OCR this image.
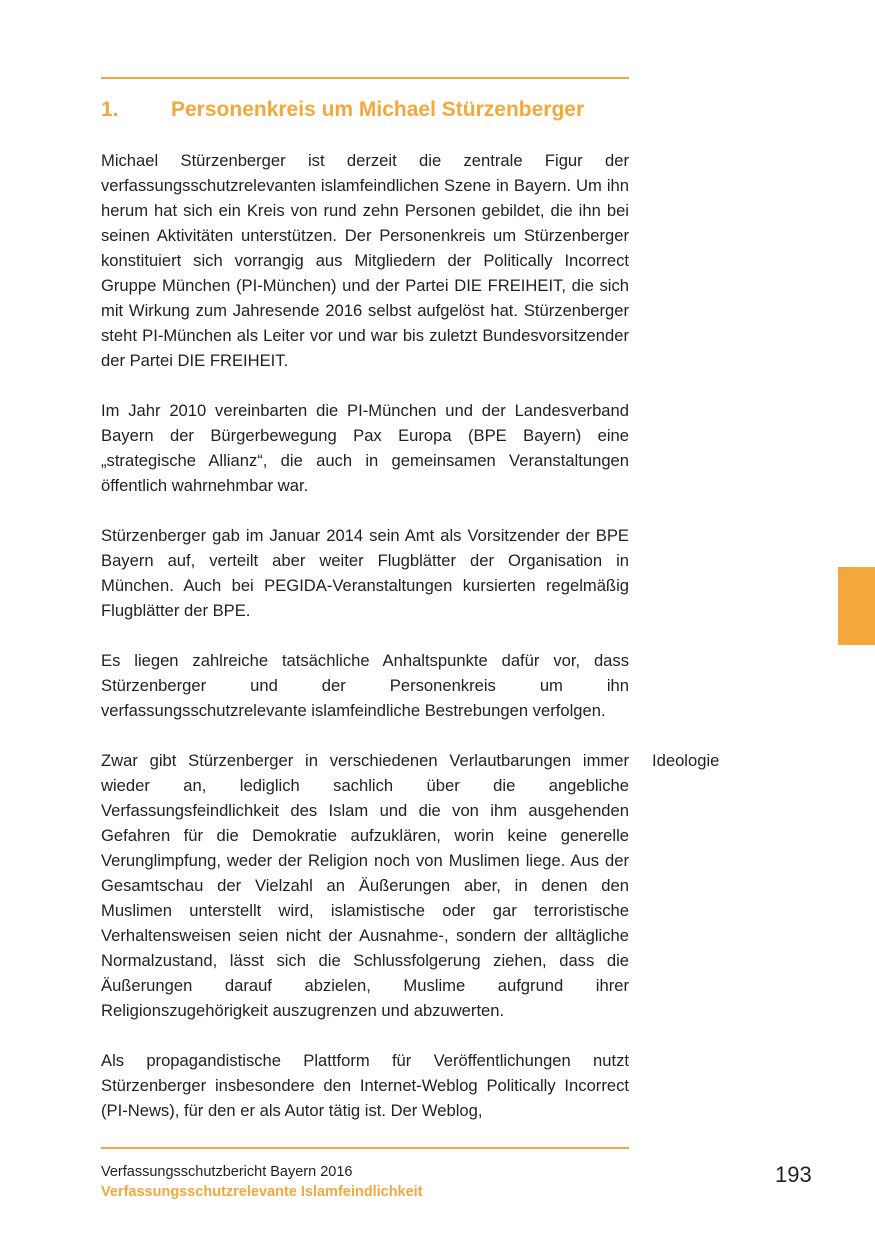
1. Personenkreis um Michael Stürzenberger

Michael Stürzenberger ist derzeit die zentrale Figur der verfassungsschutzrelevanten islamfeindlichen Szene in Bayern. Um ihn herum hat sich ein Kreis von rund zehn Personen gebildet, die ihn bei seinen Aktivitäten unterstützen. Der Personenkreis um Stürzenberger konstituiert sich vorrangig aus Mitgliedern der Politically Incorrect Gruppe München (PI-München) und der Partei DIE FREIHEIT, die sich mit Wirkung zum Jahresende 2016 selbst aufgelöst hat. Stürzenberger steht PI-München als Leiter vor und war bis zuletzt Bundesvorsitzender der Partei DIE FREIHEIT.

Im Jahr 2010 vereinbarten die PI-München und der Landesverband Bayern der Bürgerbewegung Pax Europa (BPE Bayern) eine „strategische Allianz“, die auch in gemeinsamen Veranstaltungen öffentlich wahrnehmbar war.

Stürzenberger gab im Januar 2014 sein Amt als Vorsitzender der BPE Bayern auf, verteilt aber weiter Flugblätter der Organisation in München. Auch bei PEGIDA-Veranstaltungen kursierten regelmäßig Flugblätter der BPE.

Es liegen zahlreiche tatsächliche Anhaltspunkte dafür vor, dass Stürzenberger und der Personenkreis um ihn verfassungsschutzrelevante islamfeindliche Bestrebungen verfolgen.

Zwar gibt Stürzenberger in verschiedenen Verlautbarungen immer wieder an, lediglich sachlich über die angebliche Verfassungsfeindlichkeit des Islam und die von ihm ausgehenden Gefahren für die Demokratie aufzuklären, worin keine generelle Verunglimpfung, weder der Religion noch von Muslimen liege. Aus der Gesamtschau der Vielzahl an Äußerungen aber, in denen den Muslimen unterstellt wird, islamistische oder gar terroristische Verhaltensweisen seien nicht der Ausnahme-, sondern der alltägliche Normalzustand, lässt sich die Schlussfolgerung ziehen, dass die Äußerungen darauf abzielen, Muslime aufgrund ihrer Religionszugehörigkeit auszugrenzen und abzuwerten.

Als propagandistische Plattform für Veröffentlichungen nutzt Stürzenberger insbesondere den Internet-Weblog Politically Incorrect (PI-News), für den er als Autor tätig ist. Der Weblog,

Ideologie
Verfassungsschutzbericht Bayern 2016
Verfassungsschutzrelevante Islamfeindlichkeit
193
